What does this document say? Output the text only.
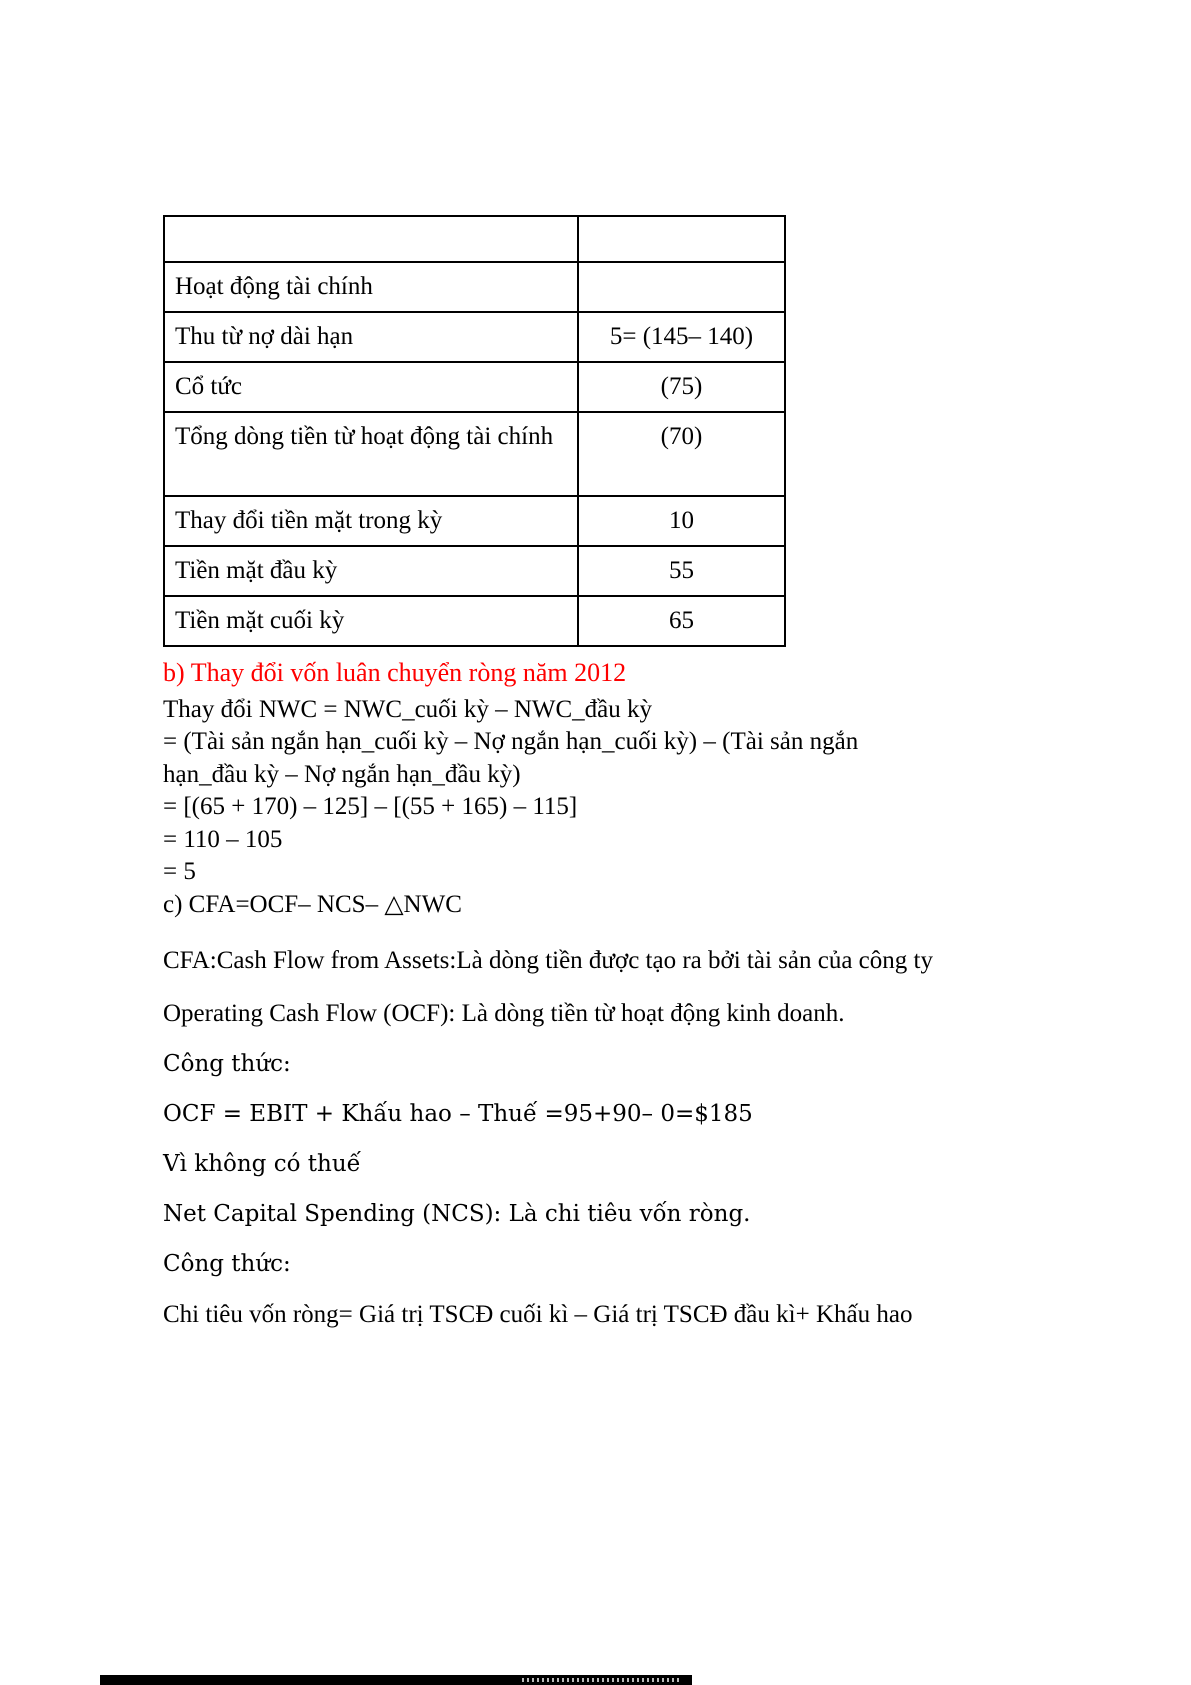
Hoạt động tài chính	
Thu từ nợ dài hạn	5= (145– 140)
Cổ tức	(75)
Tổng dòng tiền từ hoạt động tài chính	(70)
Thay đổi tiền mặt trong kỳ	10
Tiền mặt đầu kỳ	55
Tiền mặt cuối kỳ	65
b) Thay đổi vốn luân chuyển ròng năm 2012

Thay đổi NWC = NWC_cuối kỳ – NWC_đầu kỳ

= (Tài sản ngắn hạn_cuối kỳ – Nợ ngắn hạn_cuối kỳ) – (Tài sản ngắn hạn_đầu kỳ – Nợ ngắn hạn_đầu kỳ)

= [(65 + 170) – 125] – [(55 + 165) – 115]

= 110 – 105

= 5

c) CFA=OCF– NCS– △NWC

CFA:Cash Flow from Assets:Là dòng tiền được tạo ra bởi tài sản của công ty

Operating Cash Flow (OCF): Là dòng tiền từ hoạt động kinh doanh.

Công thức:

OCF = EBIT + Khấu hao – Thuế =95+90– 0=$185

Vì không có thuế

Net Capital Spending (NCS): Là chi tiêu vốn ròng.

Công thức:

Chi tiêu vốn ròng= Giá trị TSCĐ cuối kì – Giá trị TSCĐ đầu kì+ Khấu hao
